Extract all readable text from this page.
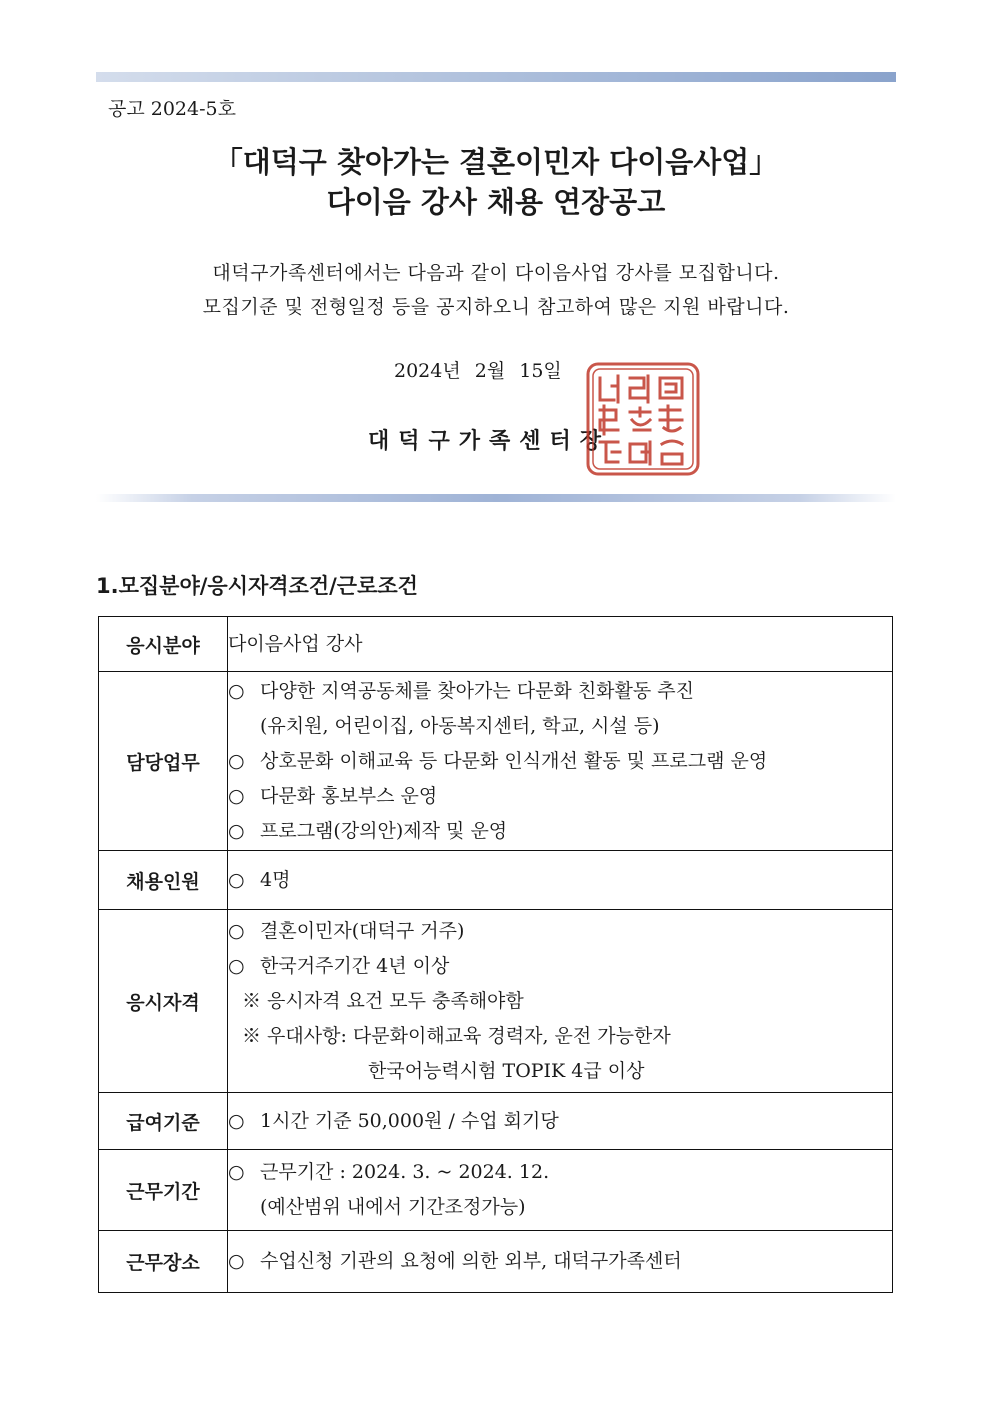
공고 2024-5호
「대덕구 찾아가는 결혼이민자 다이음사업」
다이음 강사 채용 연장공고
대덕구가족센터에서는 다음과 같이 다이음사업 강사를 모집합니다.
모집기준 및 전형일정 등을 공지하오니 참고하여 많은 지원 바랍니다.
2024년 2월 15일
대덕구가족센터장
1.모집분야/응시자격조건/근로조건
응시분야	다이음사업 강사

담당업무	○ 다양한 지역공동체를 찾아가는 다문화 친화활동 추진
(유치원, 어린이집, 아동복지센터, 학교, 시설 등)
○ 상호문화 이해교육 등 다문화 인식개선 활동 및 프로그램 운영
○ 다문화 홍보부스 운영
○ 프로그램(강의안)제작 및 운영

채용인원	○ 4명

응시자격	○ 결혼이민자(대덕구 거주)
○ 한국거주기간 4년 이상
※ 응시자격 요건 모두 충족해야함
※ 우대사항: 다문화이해교육 경력자, 운전 가능한자
한국어능력시험 TOPIK 4급 이상

급여기준	○ 1시간 기준 50,000원 / 수업 회기당

근무기간	○ 근무기간 : 2024. 3. ~ 2024. 12.
(예산범위 내에서 기간조정가능)

근무장소	○ 수업신청 기관의 요청에 의한 외부, 대덕구가족센터
